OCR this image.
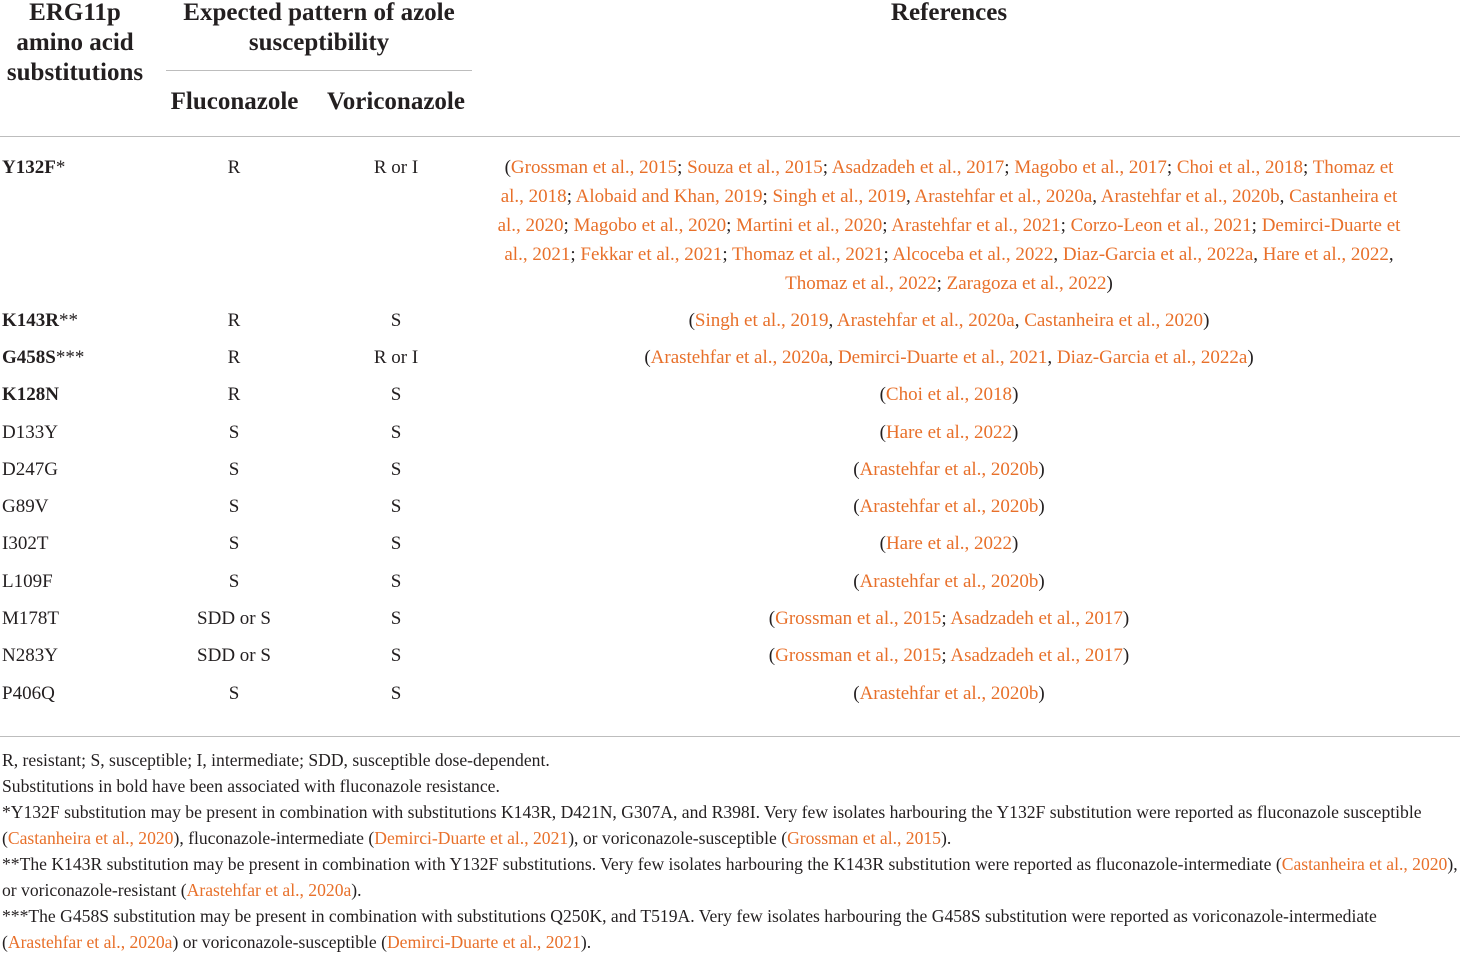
ERG11p
amino acid
substitutions
Expected pattern of azole
susceptibility
Fluconazole	Voriconazole
References
Y132F*	R	R or I	(Grossman et al., 2015; Souza et al., 2015; Asadzadeh et al., 2017; Magobo et al., 2017; Choi et al., 2018; Thomaz et al., 2018; Alobaid and Khan, 2019; Singh et al., 2019, Arastehfar et al., 2020a, Arastehfar et al., 2020b, Castanheira et al., 2020; Magobo et al., 2020; Martini et al., 2020; Arastehfar et al., 2021; Corzo-Leon et al., 2021; Demirci-Duarte et al., 2021; Fekkar et al., 2021; Thomaz et al., 2021; Alcoceba et al., 2022, Diaz-Garcia et al., 2022a, Hare et al., 2022, Thomaz et al., 2022; Zaragoza et al., 2022)
K143R**	R	S	(Singh et al., 2019, Arastehfar et al., 2020a, Castanheira et al., 2020)
G458S***	R	R or I	(Arastehfar et al., 2020a, Demirci-Duarte et al., 2021, Diaz-Garcia et al., 2022a)
K128N	R	S	(Choi et al., 2018)
D133Y	S	S	(Hare et al., 2022)
D247G	S	S	(Arastehfar et al., 2020b)
G89V	S	S	(Arastehfar et al., 2020b)
I302T	S	S	(Hare et al., 2022)
L109F	S	S	(Arastehfar et al., 2020b)
M178T	SDD or S	S	(Grossman et al., 2015; Asadzadeh et al., 2017)
N283Y	SDD or S	S	(Grossman et al., 2015; Asadzadeh et al., 2017)
P406Q	S	S	(Arastehfar et al., 2020b)

R, resistant; S, susceptible; I, intermediate; SDD, susceptible dose-dependent.

Substitutions in bold have been associated with fluconazole resistance.

*Y132F substitution may be present in combination with substitutions K143R, D421N, G307A, and R398I. Very few isolates harbouring the Y132F substitution were reported as fluconazole susceptible (Castanheira et al., 2020), fluconazole-intermediate (Demirci-Duarte et al., 2021), or voriconazole-susceptible (Grossman et al., 2015).

**The K143R substitution may be present in combination with Y132F substitutions. Very few isolates harbouring the K143R substitution were reported as fluconazole-intermediate (Castanheira et al., 2020), or voriconazole-resistant (Arastehfar et al., 2020a).

***The G458S substitution may be present in combination with substitutions Q250K, and T519A. Very few isolates harbouring the G458S substitution were reported as voriconazole-intermediate (Arastehfar et al., 2020a) or voriconazole-susceptible (Demirci-Duarte et al., 2021).
